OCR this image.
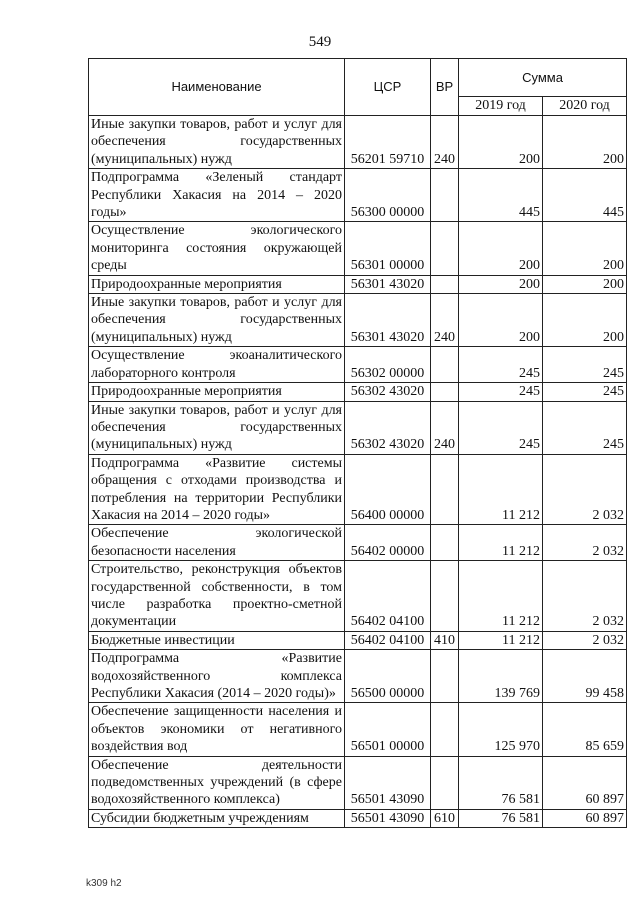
549
Наименование	ЦСР	ВР	Сумма	
			2019 год	2020 год
Иные закупки товаров, работ и услуг для обеспечения государственных (муниципальных) нужд	56201 59710	240	200	200
Подпрограмма «Зеленый стандарт Республики Хакасия на 2014 – 2020 годы»	56300 00000		445	445
Осуществление экологического мониторинга состояния окружающей среды	56301 00000		200	200
Природоохранные мероприятия	56301 43020		200	200
Иные закупки товаров, работ и услуг для обеспечения государственных (муниципальных) нужд	56301 43020	240	200	200
Осуществление экоаналитического лабораторного контроля	56302 00000		245	245
Природоохранные мероприятия	56302 43020		245	245
Иные закупки товаров, работ и услуг для обеспечения государственных (муниципальных) нужд	56302 43020	240	245	245
Подпрограмма «Развитие системы обращения с отходами производства и потребления на территории Республики Хакасия на 2014 – 2020 годы»	56400 00000		11 212	2 032
Обеспечение экологической безопасности населения	56402 00000		11 212	2 032
Строительство, реконструкция объектов государственной собственности, в том числе разработка проектно-сметной документации	56402 04100		11 212	2 032
Бюджетные инвестиции	56402 04100	410	11 212	2 032
Подпрограмма «Развитие водохозяйственного комплекса Республики Хакасия (2014 – 2020 годы)»	56500 00000		139 769	99 458
Обеспечение защищенности населения и объектов экономики от негативного воздействия вод	56501 00000		125 970	85 659
Обеспечение деятельности подведомственных учреждений (в сфере водохозяйственного комплекса)	56501 43090		76 581	60 897
Субсидии бюджетным учреждениям	56501 43090	610	76 581	60 897
k309 h2
